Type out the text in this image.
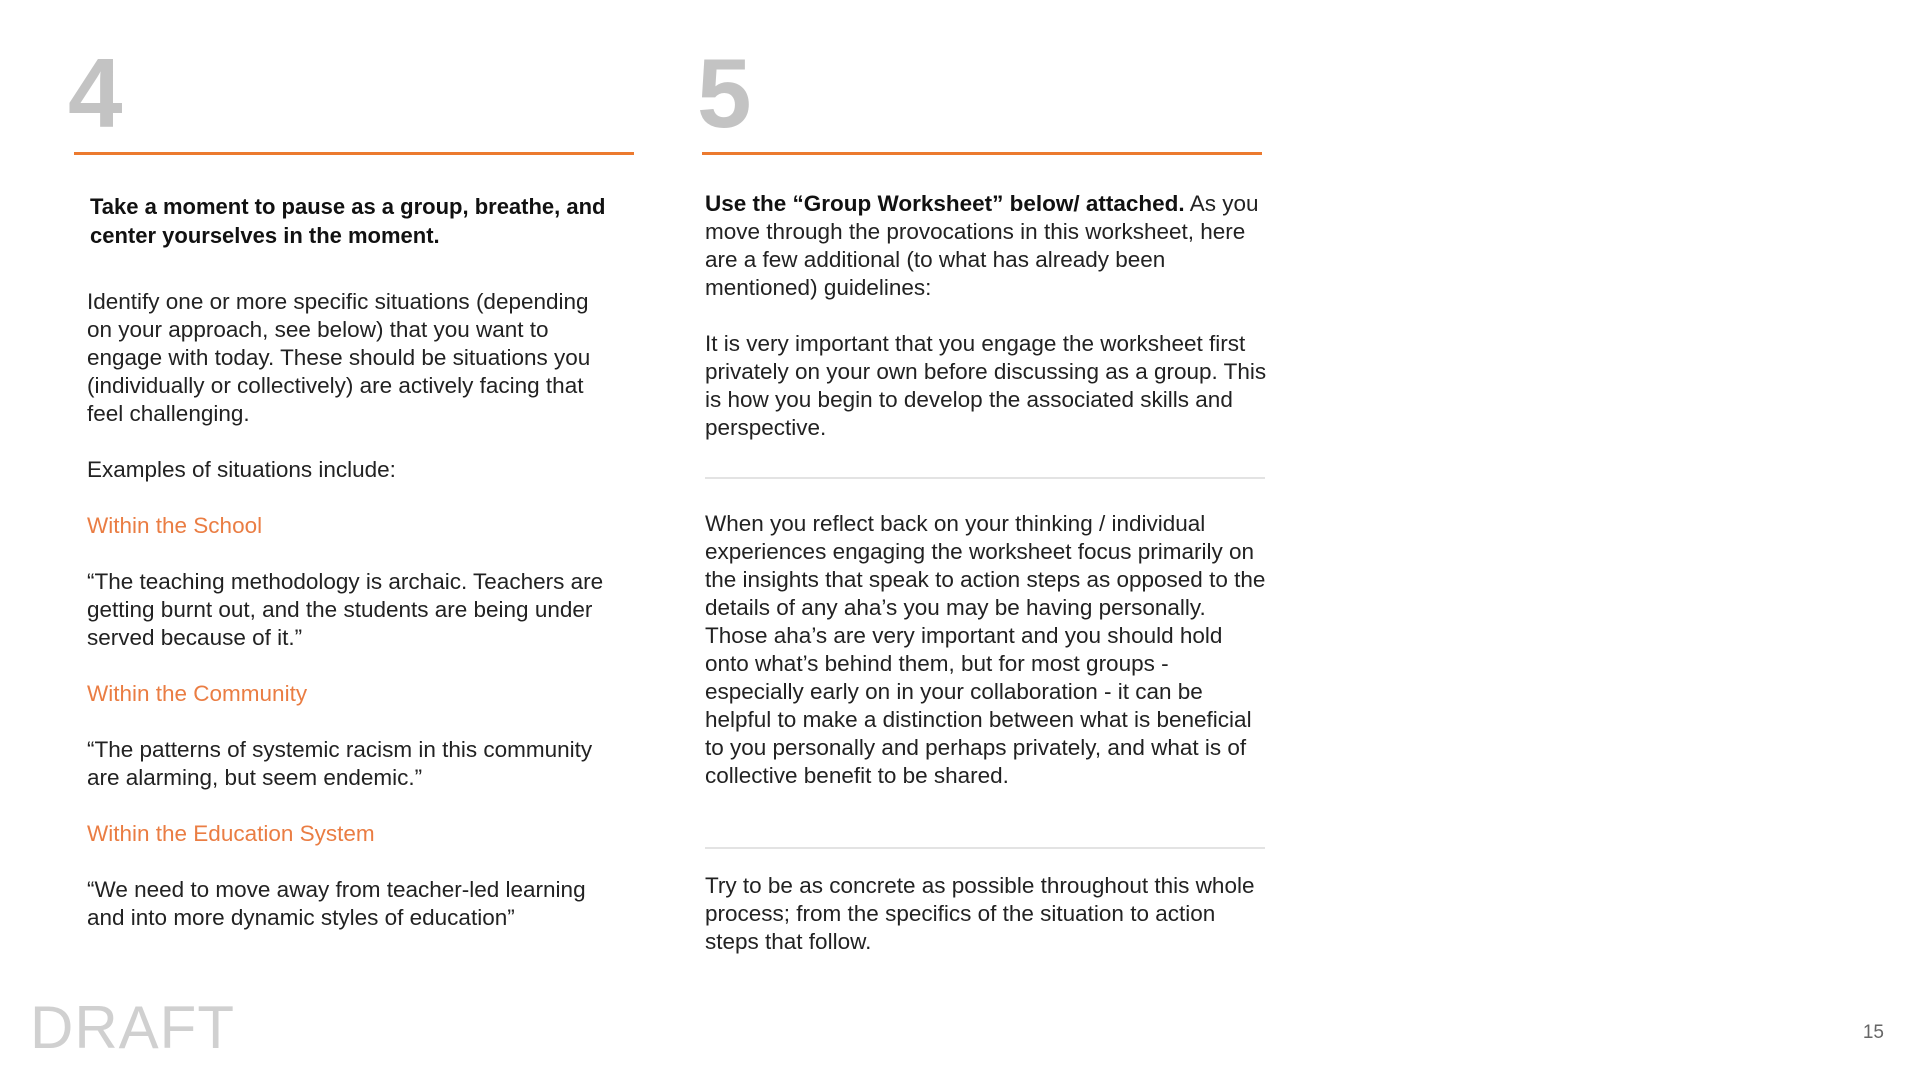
4
Take a moment to pause as a group, breathe, and center yourselves in the moment.

Identify one or more specific situations (depending on your approach, see below) that you want to engage with today. These should be situations you (individually or collectively) are actively facing that feel challenging.

Examples of situations include:

Within the School

“The teaching methodology is archaic. Teachers are getting burnt out, and the students are being under served because of it.”

Within the Community

“The patterns of systemic racism in this community are alarming, but seem endemic.”

Within the Education System

“We need to move away from teacher-led learning and into more dynamic styles of education”

5

Use the “Group Worksheet” below/ attached. As you move through the provocations in this worksheet, here are a few additional (to what has already been mentioned) guidelines:

It is very important that you engage the worksheet first privately on your own before discussing as a group. This is how you begin to develop the associated skills and perspective.

When you reflect back on your thinking / individual experiences engaging the worksheet focus primarily on the insights that speak to action steps as opposed to the details of any aha’s you may be having personally. Those aha’s are very important and you should hold onto what’s behind them, but for most groups - especially early on in your collaboration - it can be helpful to make a distinction between what is beneficial to you personally and perhaps privately, and what is of collective benefit to be shared.
Try to be as concrete as possible throughout this whole process; from the specifics of the situation to action steps that follow.
DRAFT	15
